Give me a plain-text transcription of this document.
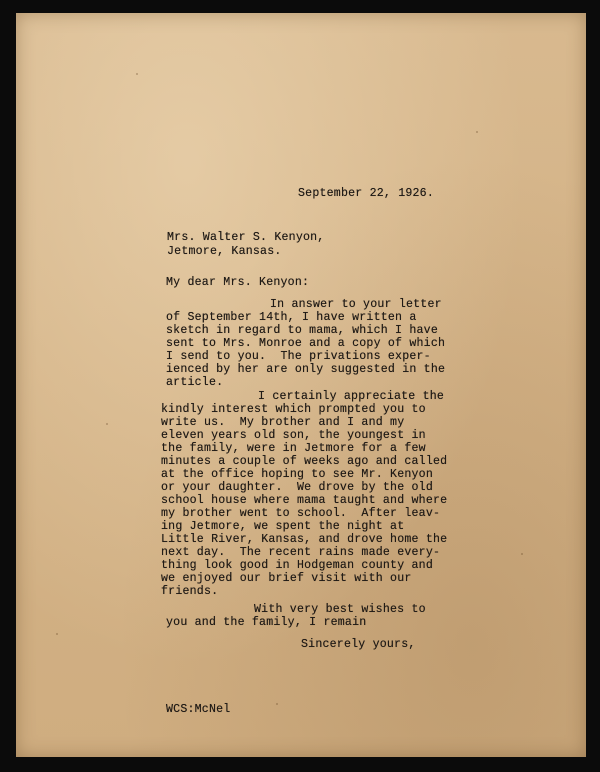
September 22, 1926.
Mrs. Walter S. Kenyon,
Jetmore, Kansas.
My dear Mrs. Kenyon:
In answer to your letter
of September 14th, I have written a
sketch in regard to mama, which I have
sent to Mrs. Monroe and a copy of which
I send to you.  The privations exper-
ienced by her are only suggested in the
article.
I certainly appreciate the
kindly interest which prompted you to
write us.  My brother and I and my
eleven years old son, the youngest in
the family, were in Jetmore for a few
minutes a couple of weeks ago and called
at the office hoping to see Mr. Kenyon
or your daughter.  We drove by the old
school house where mama taught and where
my brother went to school.  After leav-
ing Jetmore, we spent the night at
Little River, Kansas, and drove home the
next day.  The recent rains made every-
thing look good in Hodgeman county and
we enjoyed our brief visit with our
friends.
With very best wishes to
you and the family, I remain
Sincerely yours,
WCS:McNel
